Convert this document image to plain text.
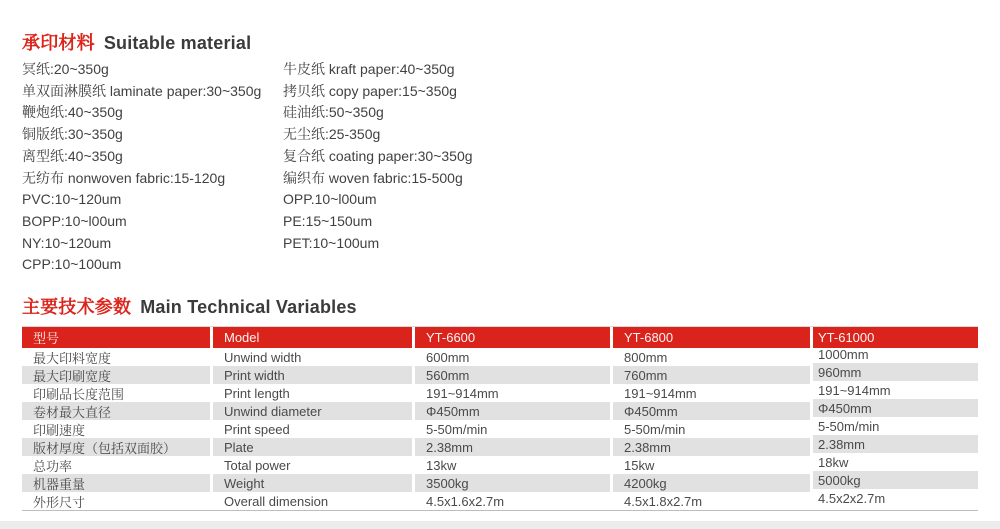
承印材料 Suitable material
冥纸:20~350g
单双面淋膜纸 laminate paper:30~350g
鞭炮纸:40~350g
铜版纸:30~350g
离型纸:40~350g
无纺布 nonwoven fabric:15-120g
PVC:10~120um
BOPP:10~l00um
NY:10~120um
CPP:10~100um
牛皮纸 kraft paper:40~350g
拷贝纸 copy paper:15~350g
硅油纸:50~350g
无尘纸:25-350g
复合纸 coating paper:30~350g
编织布 woven fabric:15-500g
OPP.10~l00um
PE:15~150um
PET:10~100um
主要技术参数 Main Technical Variables
型号	Model	YT-6600	YT-6800	YT-61000
最大印料宽度	Unwind width	600mm	800mm	1000mm
最大印刷宽度	Print width	560mm	760mm	960mm
印刷品长度范围	Print length	191~914mm	191~914mm	191~914mm
卷材最大直径	Unwind diameter	Φ450mm	Φ450mm	Φ450mm
印刷速度	Print speed	5-50m/min	5-50m/min	5-50m/min
版材厚度（包括双面胶）	Plate	2.38mm	2.38mm	2.38mm
总功率	Total power	13kw	15kw	18kw
机器重量	Weight	3500kg	4200kg	5000kg
外形尺寸	Overall dimension	4.5x1.6x2.7m	4.5x1.8x2.7m	4.5x2x2.7m
